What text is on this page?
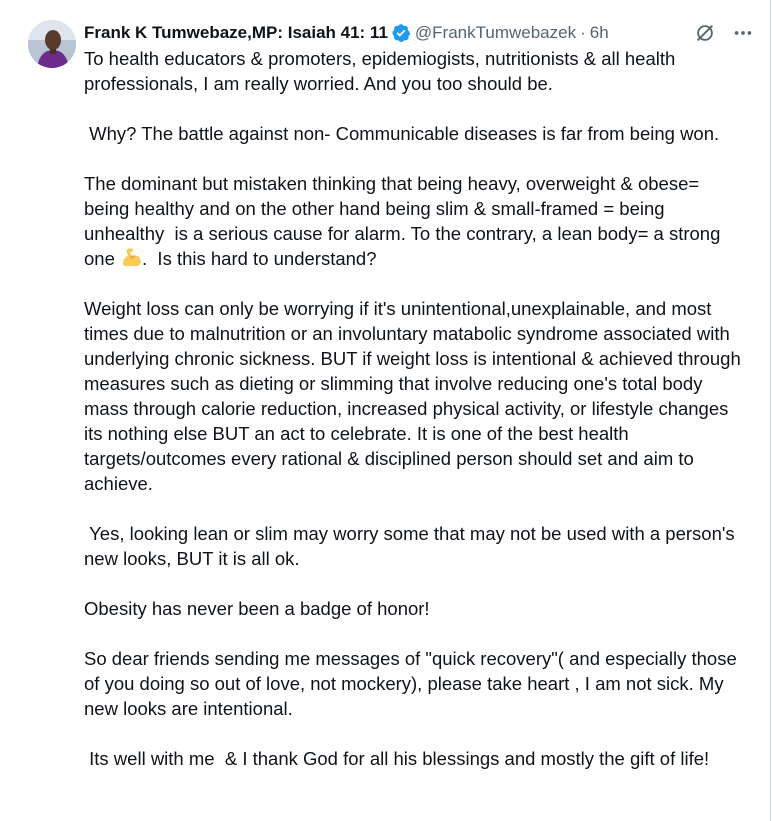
Frank K Tumwebaze,MP: Isaiah 41: 11 @FrankTumwebazek · 6h

To health educators & promoters, epidemiogists, nutritionists & all health professionals, I am really worried. And you too should be.

Why? The battle against non- Communicable diseases is far from being won.

The dominant but mistaken thinking that being heavy, overweight & obese= being healthy and on the other hand being slim & small-framed = being unhealthy  is a serious cause for alarm. To the contrary, a lean body= a strong one .  Is this hard to understand?

Weight loss can only be worrying if it's unintentional,unexplainable, and most times due to malnutrition or an involuntary matabolic syndrome associated with underlying chronic sickness. BUT if weight loss is intentional & achieved through measures such as dieting or slimming that involve reducing one's total body mass through calorie reduction, increased physical activity, or lifestyle changes its nothing else BUT an act to celebrate. It is one of the best health targets/outcomes every rational & disciplined person should set and aim to achieve.

Yes, looking lean or slim may worry some that may not be used with a person's new looks, BUT it is all ok.

Obesity has never been a badge of honor!

So dear friends sending me messages of "quick recovery"( and especially those of you doing so out of love, not mockery), please take heart , I am not sick. My new looks are intentional.

Its well with me  & I thank God for all his blessings and mostly the gift of life!
